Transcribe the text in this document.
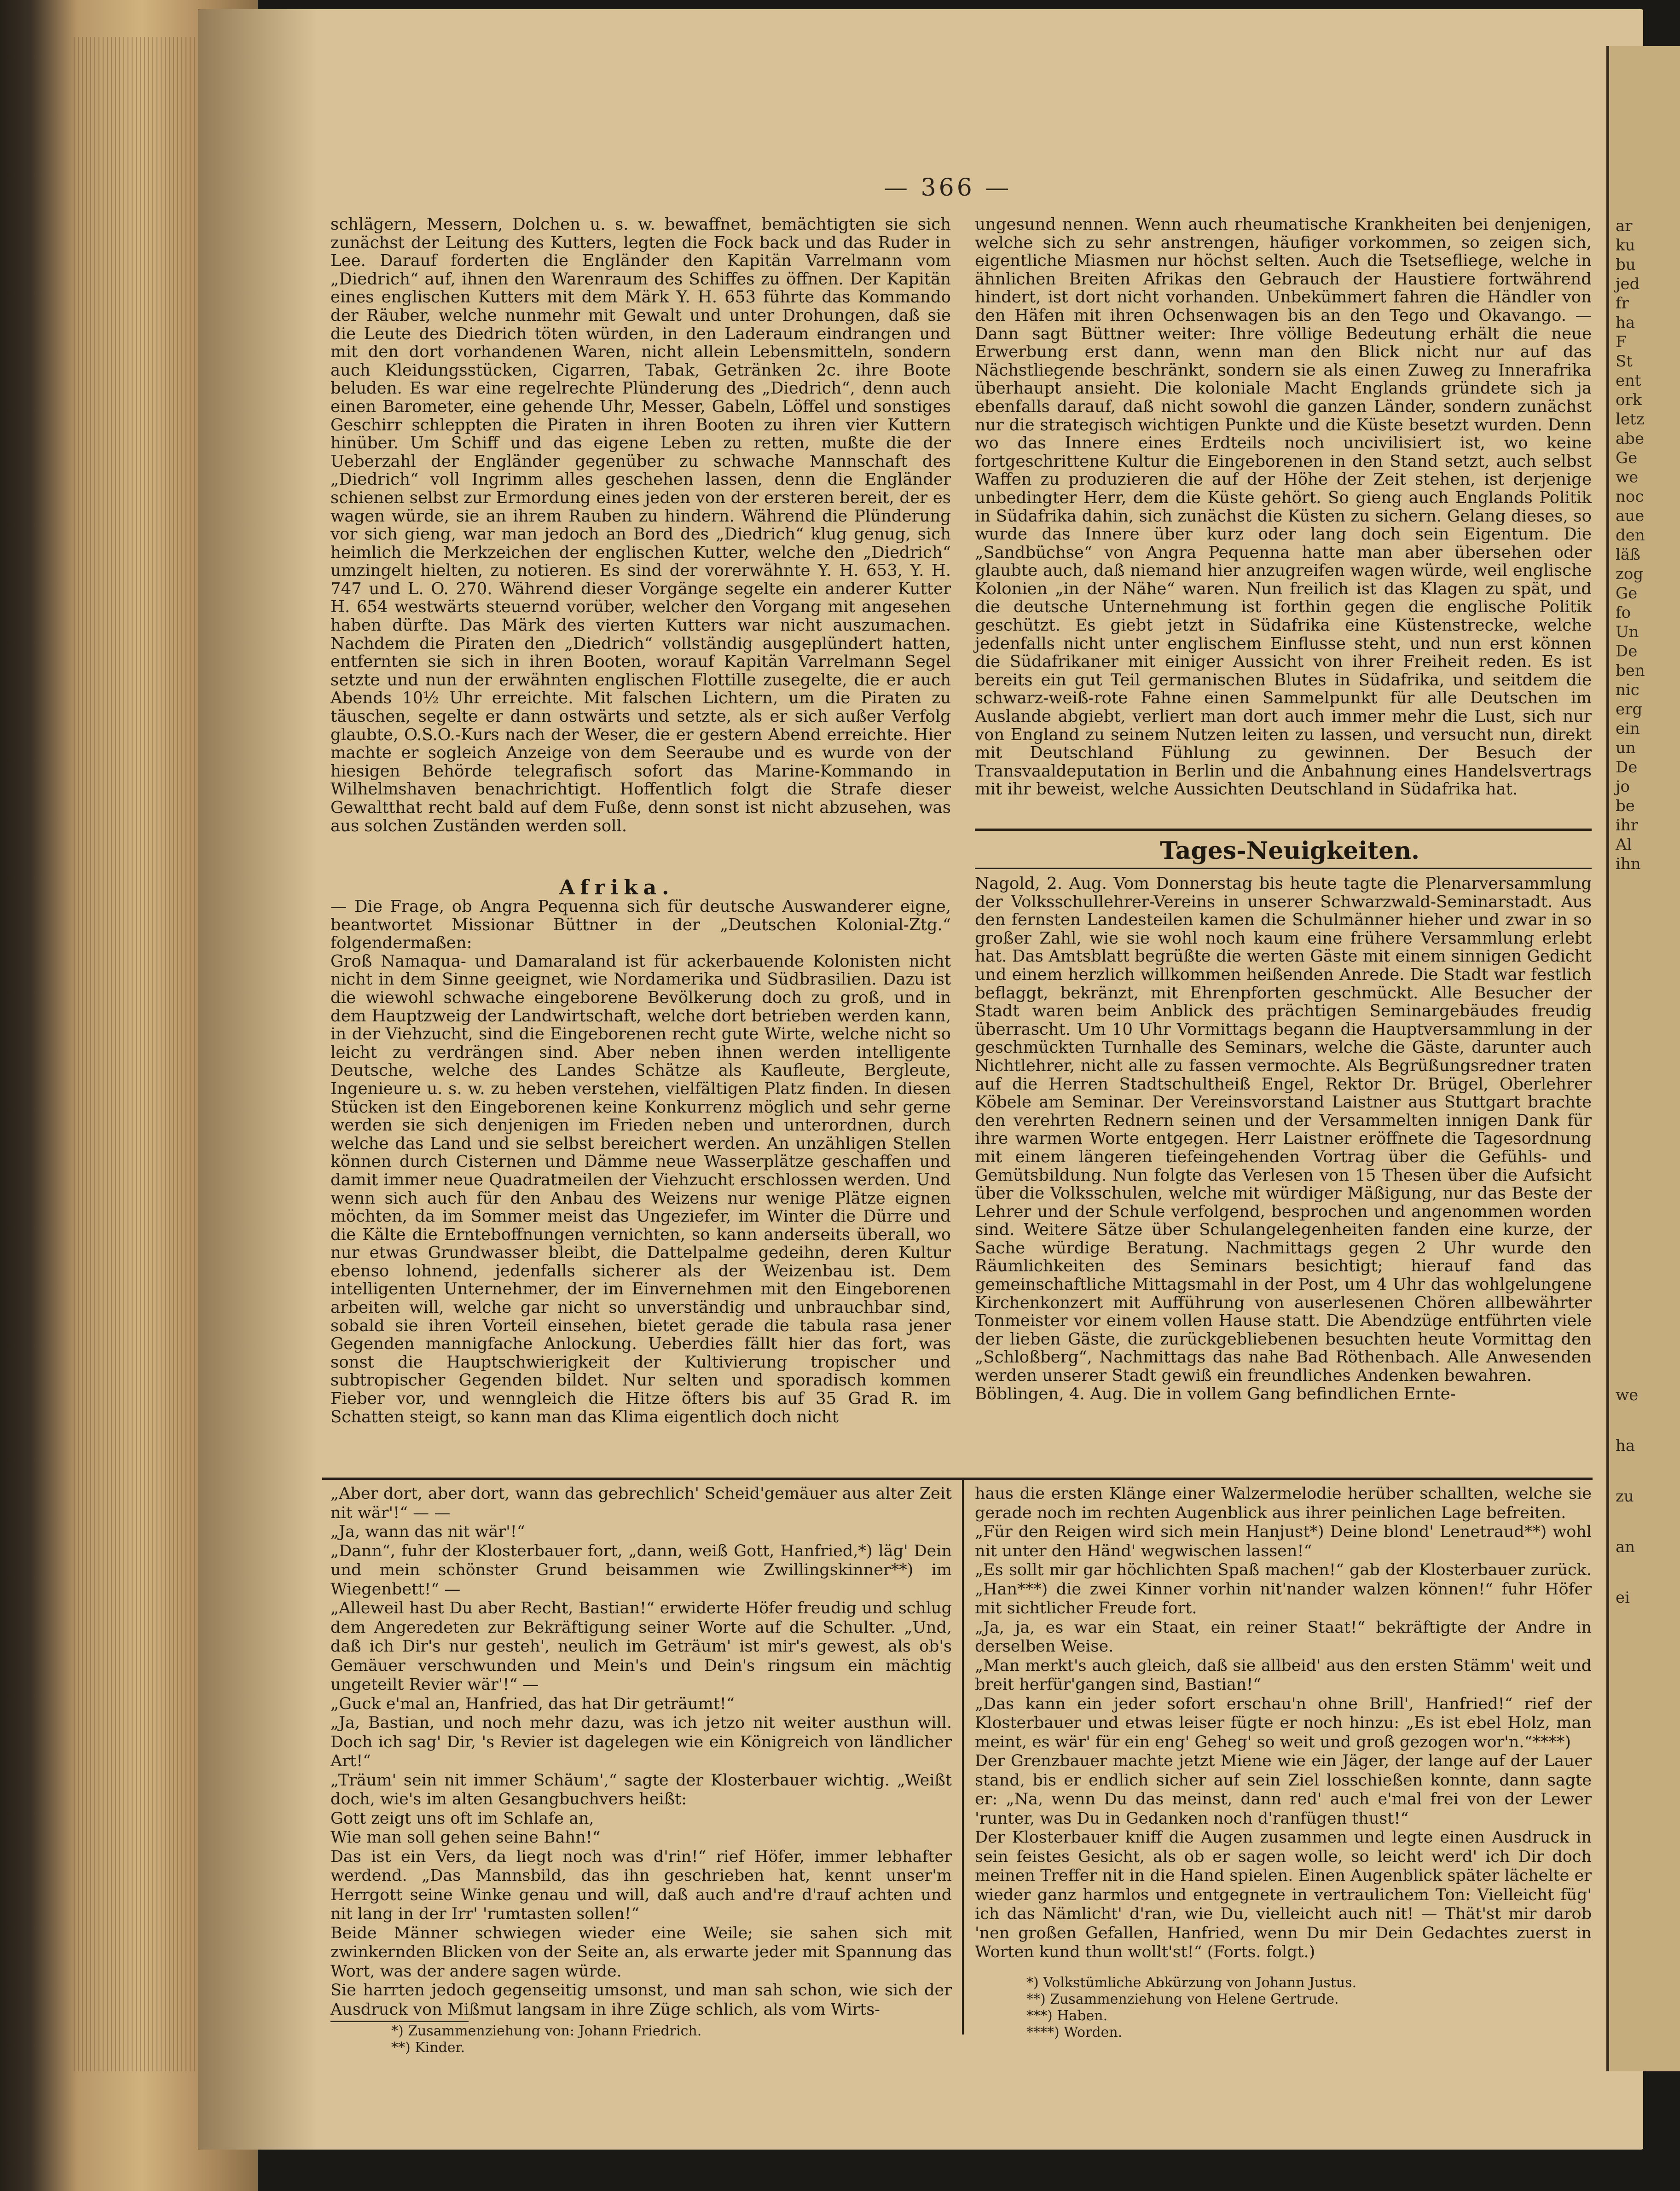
ar
ku
bu
jed
fr
ha
F
St
ent
ork
letz
abe
Ge
we
noc
aue
den
läß
zog
Ge
fo
Un
De
ben
nic
erg
ein
un
De
jo
be
ihr
Al
ihn
we
ha
zu
an
ei
— 366 —
schlägern, Messern, Dolchen u. s. w. bewaffnet, bemächtigten sie sich zunächst der Leitung des Kutters, legten die Fock back und das Ruder in Lee. Darauf forderten die Engländer den Kapitän Varrelmann vom „Diedrich“ auf, ihnen den Warenraum des Schiffes zu öffnen. Der Kapitän eines englischen Kutters mit dem Märk Y. H. 653 führte das Kommando der Räuber, welche nunmehr mit Gewalt und unter Drohungen, daß sie die Leute des Diedrich töten würden, in den Laderaum eindrangen und mit den dort vorhandenen Waren, nicht allein Lebensmitteln, sondern auch Kleidungsstücken, Cigarren, Tabak, Getränken 2c. ihre Boote beluden. Es war eine regelrechte Plünderung des „Diedrich“, denn auch einen Barometer, eine gehende Uhr, Messer, Gabeln, Löffel und sonstiges Geschirr schleppten die Piraten in ihren Booten zu ihren vier Kuttern hinüber. Um Schiff und das eigene Leben zu retten, mußte die der Ueberzahl der Engländer gegenüber zu schwache Mannschaft des „Diedrich“ voll Ingrimm alles geschehen lassen, denn die Engländer schienen selbst zur Ermordung eines jeden von der ersteren bereit, der es wagen würde, sie an ihrem Rauben zu hindern. Während die Plünderung vor sich gieng, war man jedoch an Bord des „Diedrich“ klug genug, sich heimlich die Merkzeichen der englischen Kutter, welche den „Diedrich“ umzingelt hielten, zu notieren. Es sind der vorerwähnte Y. H. 653, Y. H. 747 und L. O. 270. Während dieser Vorgänge segelte ein anderer Kutter H. 654 westwärts steuernd vorüber, welcher den Vorgang mit angesehen haben dürfte. Das Märk des vierten Kutters war nicht auszumachen. Nachdem die Piraten den „Diedrich“ vollständig ausgeplündert hatten, entfernten sie sich in ihren Booten, worauf Kapitän Varrelmann Segel setzte und nun der erwähnten englischen Flottille zusegelte, die er auch Abends 10½ Uhr erreichte. Mit falschen Lichtern, um die Piraten zu täuschen, segelte er dann ostwärts und setzte, als er sich außer Verfolg glaubte, O.S.O.-Kurs nach der Weser, die er gestern Abend erreichte. Hier machte er sogleich Anzeige von dem Seeraube und es wurde von der hiesigen Behörde telegrafisch sofort das Marine-Kommando in Wilhelmshaven benachrichtigt. Hoffentlich folgt die Strafe dieser Gewaltthat recht bald auf dem Fuße, denn sonst ist nicht abzusehen, was aus solchen Zuständen werden soll.
Afrika.
— Die Frage, ob Angra Pequenna sich für deutsche Auswanderer eigne, beantwortet Missionar Büttner in der „Deutschen Kolonial-Ztg.“ folgendermaßen:
Groß Namaqua- und Damaraland ist für ackerbauende Kolonisten nicht nicht in dem Sinne geeignet, wie Nordamerika und Südbrasilien. Dazu ist die wiewohl schwache eingeborene Bevölkerung doch zu groß, und in dem Hauptzweig der Landwirtschaft, welche dort betrieben werden kann, in der Viehzucht, sind die Eingeborenen recht gute Wirte, welche nicht so leicht zu verdrängen sind. Aber neben ihnen werden intelligente Deutsche, welche des Landes Schätze als Kaufleute, Bergleute, Ingenieure u. s. w. zu heben verstehen, vielfältigen Platz finden. In diesen Stücken ist den Eingeborenen keine Konkurrenz möglich und sehr gerne werden sie sich denjenigen im Frieden neben und unterordnen, durch welche das Land und sie selbst bereichert werden. An unzähligen Stellen können durch Cisternen und Dämme neue Wasserplätze geschaffen und damit immer neue Quadratmeilen der Viehzucht erschlossen werden. Und wenn sich auch für den Anbau des Weizens nur wenige Plätze eignen möchten, da im Sommer meist das Ungeziefer, im Winter die Dürre und die Kälte die Ernteboffnungen vernichten, so kann anderseits überall, wo nur etwas Grundwasser bleibt, die Dattelpalme gedeihn, deren Kultur ebenso lohnend, jedenfalls sicherer als der Weizenbau ist. Dem intelligenten Unternehmer, der im Einvernehmen mit den Eingeborenen arbeiten will, welche gar nicht so unverständig und unbrauchbar sind, sobald sie ihren Vorteil einsehen, bietet gerade die tabula rasa jener Gegenden mannigfache Anlockung. Ueberdies fällt hier das fort, was sonst die Hauptschwierigkeit der Kultivierung tropischer und subtropischer Gegenden bildet. Nur selten und sporadisch kommen Fieber vor, und wenngleich die Hitze öfters bis auf 35 Grad R. im Schatten steigt, so kann man das Klima eigentlich doch nicht
ungesund nennen. Wenn auch rheumatische Krankheiten bei denjenigen, welche sich zu sehr anstrengen, häufiger vorkommen, so zeigen sich, eigentliche Miasmen nur höchst selten. Auch die Tsetsefliege, welche in ähnlichen Breiten Afrikas den Gebrauch der Haustiere fortwährend hindert, ist dort nicht vorhanden. Unbekümmert fahren die Händler von den Häfen mit ihren Ochsenwagen bis an den Tego und Okavango. — Dann sagt Büttner weiter: Ihre völlige Bedeutung erhält die neue Erwerbung erst dann, wenn man den Blick nicht nur auf das Nächstliegende beschränkt, sondern sie als einen Zuweg zu Innerafrika überhaupt ansieht. Die koloniale Macht Englands gründete sich ja ebenfalls darauf, daß nicht sowohl die ganzen Länder, sondern zunächst nur die strategisch wichtigen Punkte und die Küste besetzt wurden. Denn wo das Innere eines Erdteils noch uncivilisiert ist, wo keine fortgeschrittene Kultur die Eingeborenen in den Stand setzt, auch selbst Waffen zu produzieren die auf der Höhe der Zeit stehen, ist derjenige unbedingter Herr, dem die Küste gehört. So gieng auch Englands Politik in Südafrika dahin, sich zunächst die Küsten zu sichern. Gelang dieses, so wurde das Innere über kurz oder lang doch sein Eigentum. Die „Sandbüchse“ von Angra Pequenna hatte man aber übersehen oder glaubte auch, daß niemand hier anzugreifen wagen würde, weil englische Kolonien „in der Nähe“ waren. Nun freilich ist das Klagen zu spät, und die deutsche Unternehmung ist forthin gegen die englische Politik geschützt. Es giebt jetzt in Südafrika eine Küstenstrecke, welche jedenfalls nicht unter englischem Einflusse steht, und nun erst können die Südafrikaner mit einiger Aussicht von ihrer Freiheit reden. Es ist bereits ein gut Teil germanischen Blutes in Südafrika, und seitdem die schwarz-weiß-rote Fahne einen Sammelpunkt für alle Deutschen im Auslande abgiebt, verliert man dort auch immer mehr die Lust, sich nur von England zu seinem Nutzen leiten zu lassen, und versucht nun, direkt mit Deutschland Fühlung zu gewinnen. Der Besuch der Transvaaldeputation in Berlin und die Anbahnung eines Handelsvertrags mit ihr beweist, welche Aussichten Deutschland in Südafrika hat.
Tages-Neuigkeiten.
Nagold, 2. Aug. Vom Donnerstag bis heute tagte die Plenarversammlung der Volksschullehrer-Vereins in unserer Schwarzwald-Seminarstadt. Aus den fernsten Landesteilen kamen die Schulmänner hieher und zwar in so großer Zahl, wie sie wohl noch kaum eine frühere Versammlung erlebt hat. Das Amtsblatt begrüßte die werten Gäste mit einem sinnigen Gedicht und einem herzlich willkommen heißenden Anrede. Die Stadt war festlich beflaggt, bekränzt, mit Ehrenpforten geschmückt. Alle Besucher der Stadt waren beim Anblick des prächtigen Seminargebäudes freudig überrascht. Um 10 Uhr Vormittags begann die Hauptversammlung in der geschmückten Turnhalle des Seminars, welche die Gäste, darunter auch Nichtlehrer, nicht alle zu fassen vermochte. Als Begrüßungsredner traten auf die Herren Stadtschultheiß Engel, Rektor Dr. Brügel, Oberlehrer Köbele am Seminar. Der Vereinsvorstand Laistner aus Stuttgart brachte den verehrten Rednern seinen und der Versammelten innigen Dank für ihre warmen Worte entgegen. Herr Laistner eröffnete die Tagesordnung mit einem längeren tiefeingehenden Vortrag über die Gefühls- und Gemütsbildung. Nun folgte das Verlesen von 15 Thesen über die Aufsicht über die Volksschulen, welche mit würdiger Mäßigung, nur das Beste der Lehrer und der Schule verfolgend, besprochen und angenommen worden sind. Weitere Sätze über Schulangelegenheiten fanden eine kurze, der Sache würdige Beratung. Nachmittags gegen 2 Uhr wurde den Räumlichkeiten des Seminars besichtigt; hierauf fand das gemeinschaftliche Mittagsmahl in der Post, um 4 Uhr das wohlgelungene Kirchenkonzert mit Aufführung von auserlesenen Chören allbewährter Tonmeister vor einem vollen Hause statt. Die Abendzüge entführten viele der lieben Gäste, die zurückgebliebenen besuchten heute Vormittag den „Schloßberg“, Nachmittags das nahe Bad Röthenbach. Alle Anwesenden werden unserer Stadt gewiß ein freundliches Andenken bewahren.
Böblingen, 4. Aug. Die in vollem Gang befindlichen Ernte-
„Aber dort, aber dort, wann das gebrechlich' Scheid'gemäuer aus alter Zeit nit wär'!“ — —
„Ja, wann das nit wär'!“
„Dann“, fuhr der Klosterbauer fort, „dann, weiß Gott, Hanfried,*) läg' Dein und mein schönster Grund beisammen wie Zwillingskinner**) im Wiegenbett!“ —
„Alleweil hast Du aber Recht, Bastian!“ erwiderte Höfer freudig und schlug dem Angeredeten zur Bekräftigung seiner Worte auf die Schulter. „Und, daß ich Dir's nur gesteh', neulich im Geträum' ist mir's gewest, als ob's Gemäuer verschwunden und Mein's und Dein's ringsum ein mächtig ungeteilt Revier wär'!“ —
„Guck e'mal an, Hanfried, das hat Dir geträumt!“
„Ja, Bastian, und noch mehr dazu, was ich jetzo nit weiter austhun will. Doch ich sag' Dir, 's Revier ist dagelegen wie ein Königreich von ländlicher Art!“
„Träum' sein nit immer Schäum',“ sagte der Klosterbauer wichtig. „Weißt doch, wie's im alten Gesangbuchvers heißt:
Gott zeigt uns oft im Schlafe an,
Wie man soll gehen seine Bahn!“
Das ist ein Vers, da liegt noch was d'rin!“ rief Höfer, immer lebhafter werdend. „Das Mannsbild, das ihn geschrieben hat, kennt unser'm Herrgott seine Winke genau und will, daß auch and're d'rauf achten und nit lang in der Irr' 'rumtasten sollen!“
Beide Männer schwiegen wieder eine Weile; sie sahen sich mit zwinkernden Blicken von der Seite an, als erwarte jeder mit Spannung das Wort, was der andere sagen würde.
Sie harrten jedoch gegenseitig umsonst, und man sah schon, wie sich der Ausdruck von Mißmut langsam in ihre Züge schlich, als vom Wirts-
*) Zusammenziehung von: Johann Friedrich.
**) Kinder.
haus die ersten Klänge einer Walzermelodie herüber schallten, welche sie gerade noch im rechten Augenblick aus ihrer peinlichen Lage befreiten.
„Für den Reigen wird sich mein Hanjust*) Deine blond' Lenetraud**) wohl nit unter den Händ' wegwischen lassen!“
„Es sollt mir gar höchlichten Spaß machen!“ gab der Klosterbauer zurück. „Han***) die zwei Kinner vorhin nit'nander walzen können!“ fuhr Höfer mit sichtlicher Freude fort.
„Ja, ja, es war ein Staat, ein reiner Staat!“ bekräftigte der Andre in derselben Weise.
„Man merkt's auch gleich, daß sie allbeid' aus den ersten Stämm' weit und breit herfür'gangen sind, Bastian!“
„Das kann ein jeder sofort erschau'n ohne Brill', Hanfried!“ rief der Klosterbauer und etwas leiser fügte er noch hinzu: „Es ist ebel Holz, man meint, es wär' für ein eng' Geheg' so weit und groß gezogen wor'n.“****)
Der Grenzbauer machte jetzt Miene wie ein Jäger, der lange auf der Lauer stand, bis er endlich sicher auf sein Ziel losschießen konnte, dann sagte er: „Na, wenn Du das meinst, dann red' auch e'mal frei von der Lewer 'runter, was Du in Gedanken noch d'ranfügen thust!“
Der Klosterbauer kniff die Augen zusammen und legte einen Ausdruck in sein feistes Gesicht, als ob er sagen wolle, so leicht werd' ich Dir doch meinen Treffer nit in die Hand spielen. Einen Augenblick später lächelte er wieder ganz harmlos und entgegnete in vertraulichem Ton: Vielleicht füg' ich das Nämlicht' d'ran, wie Du, vielleicht auch nit! — Thät'st mir darob 'nen großen Gefallen, Hanfried, wenn Du mir Dein Gedachtes zuerst in Worten kund thun wollt'st!“ (Forts. folgt.)
*) Volkstümliche Abkürzung von Johann Justus.
**) Zusammenziehung von Helene Gertrude.
***) Haben.
****) Worden.
